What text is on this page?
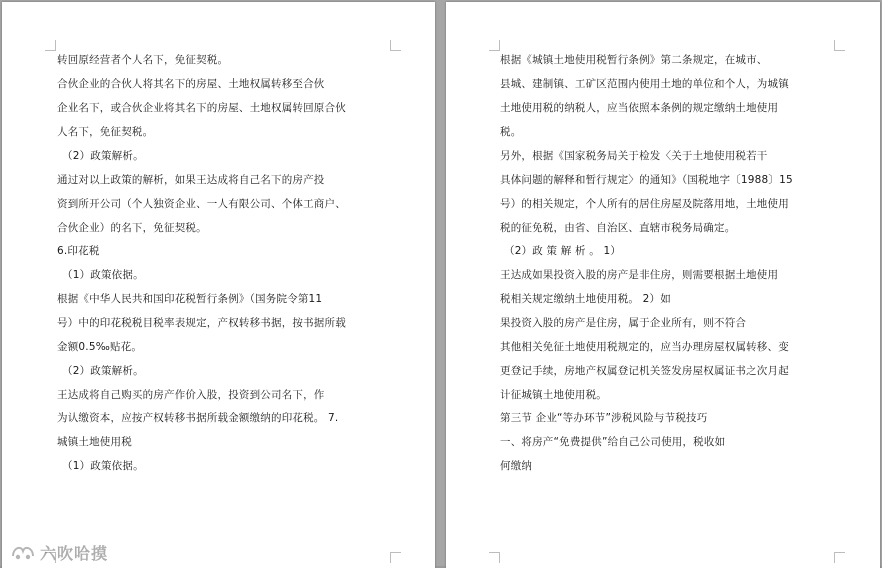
转回原经营者个人名下，免征契税。
合伙企业的合伙人将其名下的房屋、土地权属转移至合伙
企业名下，或合伙企业将其名下的房屋、土地权属转回原合伙
人名下，免征契税。
（2）政策解析。
通过对以上政策的解析，如果王达成将自己名下的房产投
资到所开公司（个人独资企业、一人有限公司、个体工商户、
合伙企业）的名下，免征契税。
6.印花税
（1）政策依据。
根据《中华人民共和国印花税暂行条例》（国务院令第11
号）中的印花税税目税率表规定，产权转移书据，按书据所载
金额0.5‰贴花。
（2）政策解析。
王达成将自己购买的房产作价入股，投资到公司名下，作
为认缴资本，应按产权转移书据所载金额缴纳的印花税。 7.
城镇土地使用税
（1）政策依据。
六吹哈摸
根据《城镇土地使用税暂行条例》第二条规定，在城市、
县城、建制镇、工矿区范围内使用土地的单位和个人，为城镇
土地使用税的纳税人，应当依照本条例的规定缴纳土地使用
税。
另外，根据《国家税务局关于检发〈关于土地使用税若干
具体问题的解释和暂行规定〉的通知》（国税地字〔1988〕15
号）的相关规定，个人所有的居住房屋及院落用地，土地使用
税的征免税，由省、自治区、直辖市税务局确定。
（2）政 策 解 析 。 1）
王达成如果投资入股的房产是非住房，则需要根据土地使用
税相关规定缴纳土地使用税。 2）如
果投资入股的房产是住房，属于企业所有，则不符合
其他相关免征土地使用税规定的，应当办理房屋权属转移、变
更登记手续，房地产权属登记机关签发房屋权属证书之次月起
计征城镇土地使用税。
第三节 企业“等办环节”涉税风险与节税技巧
一、将房产“免费提供”给自己公司使用，税收如
何缴纳
